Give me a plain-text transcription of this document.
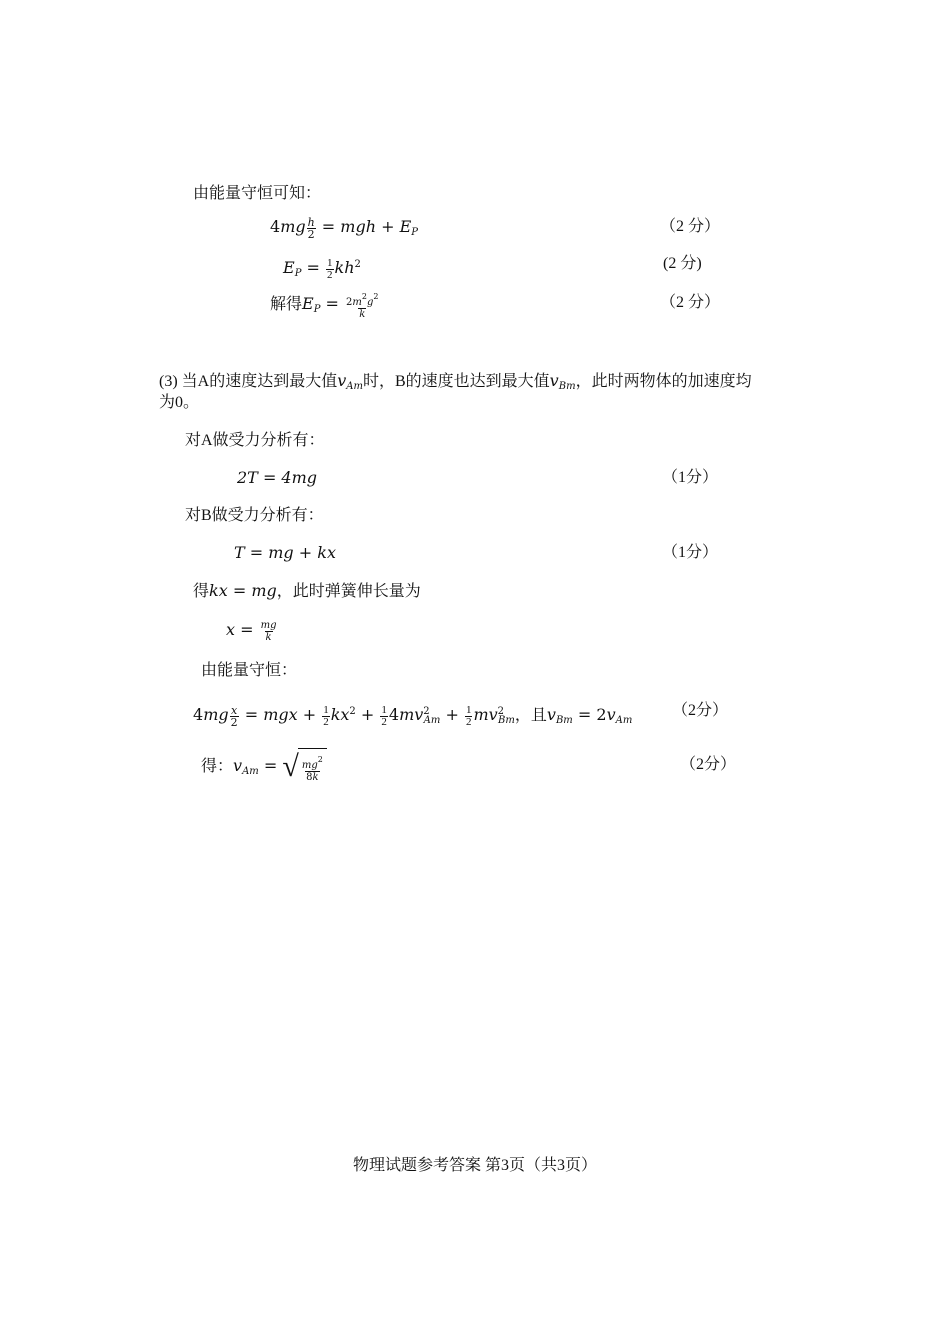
由能量守恒可知：
$4mg \frac{h}{2}$ = mgh + $E_P$	（2 分）
$E_P = \frac{1}{2} kh^2$	(2 分)
解得$E_P = \frac{2m^2g^2}{k}$	（2 分）
(3) 当A的速度达到最大值$v_{Am}$时，B的速度也达到最大值$v_{Bm}$，此时两物体的加速度均
为0。
对A做受力分析有：
2T = 4mg	（1分）
对B做受力分析有：
T = mg + kx	（1分）
得kx = mg，此时弹簧伸长量为
$x = \frac{mg}{k}$
由能量守恒：
$4mg \frac{x}{2}$ = mgx + $\frac{1}{2} kx^2 + \frac{1}{2} 4mv^2_{Am} + \frac{1}{2} mv^2_{Bm}$，且$v_{Bm} = 2v_{Am}$
（2分）
得：$v_{Am}$ = √ $\frac{mg^2}{8k}$	（2分）
物理试题参考答案 第3页（共3页）
